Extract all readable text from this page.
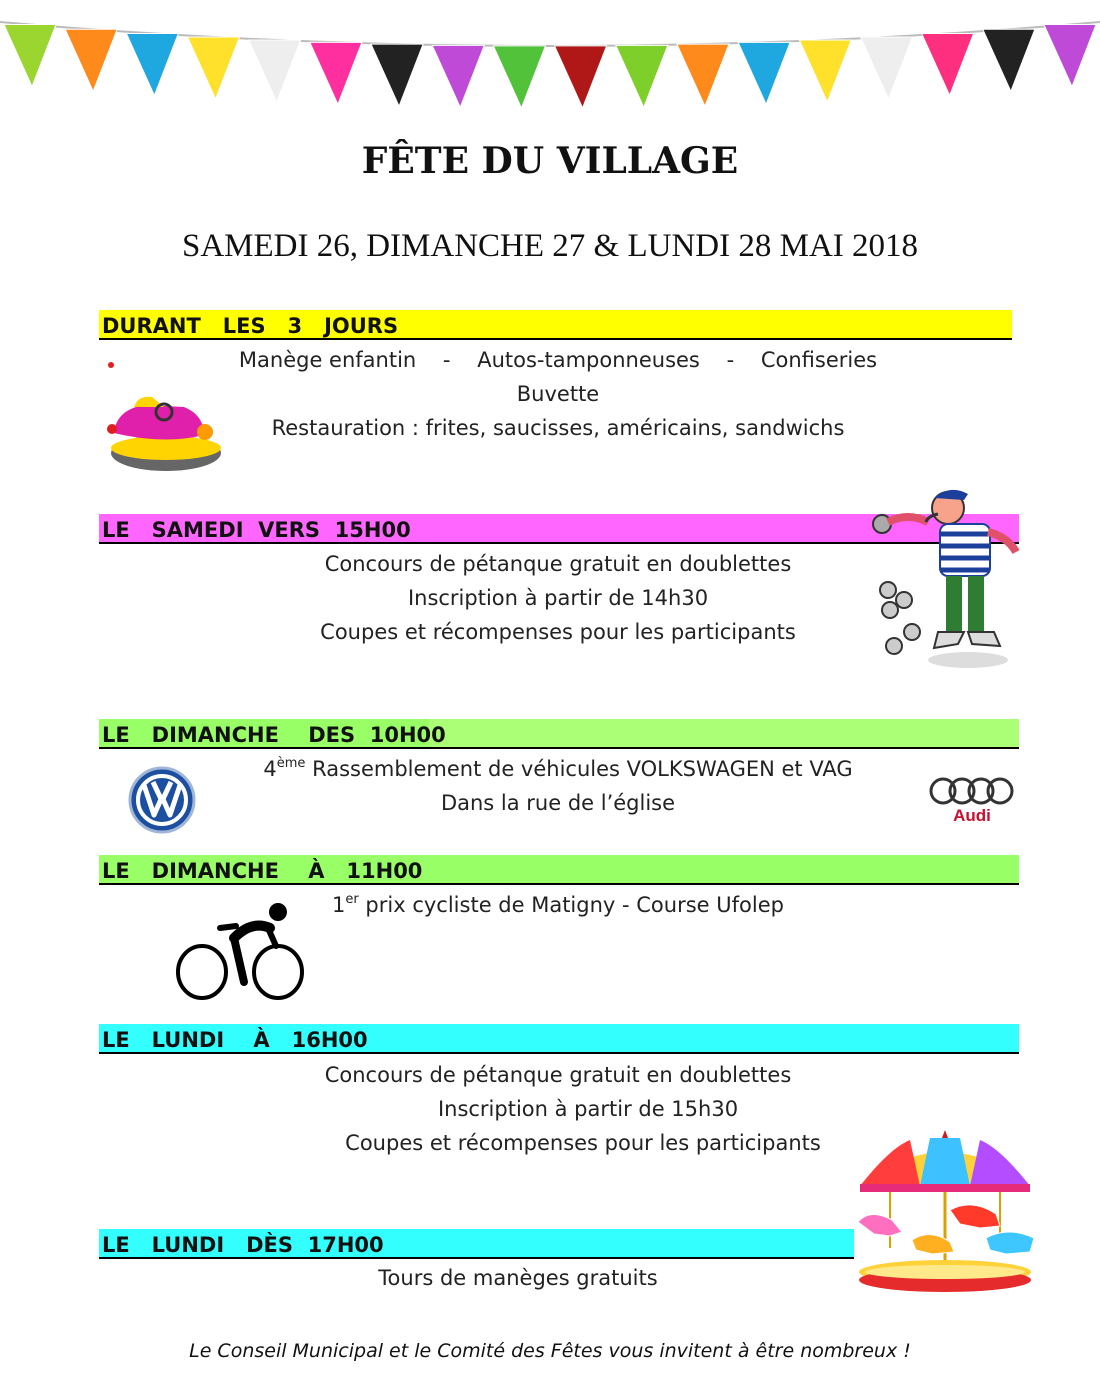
FÊTE DU VILLAGE
SAMEDI 26, DIMANCHE 27 & LUNDI 28 MAI 2018
DURANT   LES   3   JOURS
Manège enfantin    -    Autos-tamponneuses    -    Confiseries
Buvette
Restauration : frites, saucisses, américains, sandwichs
LE   SAMEDI  VERS  15H00
Concours de pétanque gratuit en doublettes
Inscription à partir de 14h30
Coupes et récompenses pour les participants
LE   DIMANCHE    DES  10H00
4ème Rassemblement de véhicules VOLKSWAGEN et VAG
Dans la rue de l’église
Audi
LE   DIMANCHE    À   11H00
1er prix cycliste de Matigny - Course Ufolep
LE   LUNDI    À   16H00
Concours de pétanque gratuit en doublettes
Inscription à partir de 15h30
Coupes et récompenses pour les participants
LE   LUNDI   DÈS  17H00
Tours de manèges gratuits
Le Conseil Municipal et le Comité des Fêtes vous invitent à être nombreux !
